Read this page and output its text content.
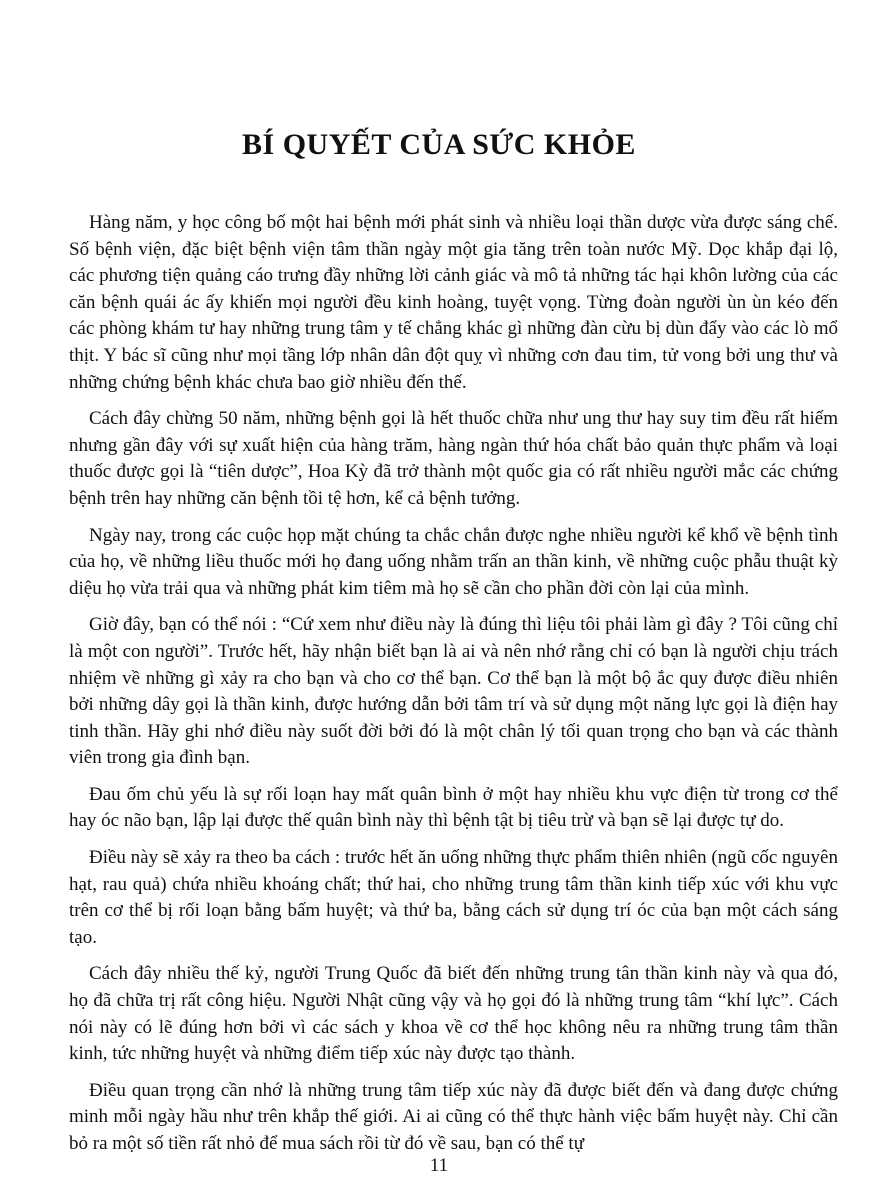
BÍ QUYẾT CỦA SỨC KHỎE

Hàng năm, y học công bố một hai bệnh mới phát sinh và nhiều loại thần dược vừa được sáng chế. Số bệnh viện, đặc biệt bệnh viện tâm thần ngày một gia tăng trên toàn nước Mỹ. Dọc khắp đại lộ, các phương tiện quảng cáo trưng đầy những lời cảnh giác và mô tả những tác hại khôn lường của các căn bệnh quái ác ấy khiến mọi người đều kinh hoàng, tuyệt vọng. Từng đoàn người ùn ùn kéo đến các phòng khám tư hay những trung tâm y tế chẳng khác gì những đàn cừu bị dùn đẩy vào các lò mổ thịt. Y bác sĩ cũng như mọi tầng lớp nhân dân đột quỵ vì những cơn đau tim, tử vong bởi ung thư và những chứng bệnh khác chưa bao giờ nhiều đến thế.

Cách đây chừng 50 năm, những bệnh gọi là hết thuốc chữa như ung thư hay suy tim đều rất hiếm nhưng gần đây với sự xuất hiện của hàng trăm, hàng ngàn thứ hóa chất bảo quản thực phẩm và loại thuốc được gọi là “tiên dược”, Hoa Kỳ đã trở thành một quốc gia có rất nhiều người mắc các chứng bệnh trên hay những căn bệnh tồi tệ hơn, kể cả bệnh tưởng.

Ngày nay, trong các cuộc họp mặt chúng ta chắc chắn được nghe nhiều người kể khổ về bệnh tình của họ, về những liều thuốc mới họ đang uống nhằm trấn an thần kinh, về những cuộc phẫu thuật kỳ diệu họ vừa trải qua và những phát kim tiêm mà họ sẽ cần cho phần đời còn lại của mình.

Giờ đây, bạn có thể nói : “Cứ xem như điều này là đúng thì liệu tôi phải làm gì đây ? Tôi cũng chỉ là một con người”. Trước hết, hãy nhận biết bạn là ai và nên nhớ rằng chỉ có bạn là người chịu trách nhiệm về những gì xảy ra cho bạn và cho cơ thể bạn. Cơ thể bạn là một bộ ắc quy được điều nhiên bởi những dây gọi là thần kinh, được hướng dẫn bởi tâm trí và sử dụng một năng lực gọi là điện hay tinh thần. Hãy ghi nhớ điều này suốt đời bởi đó là một chân lý tối quan trọng cho bạn và các thành viên trong gia đình bạn.

Đau ốm chủ yếu là sự rối loạn hay mất quân bình ở một hay nhiều khu vực điện từ trong cơ thể hay óc não bạn, lập lại được thế quân bình này thì bệnh tật bị tiêu trừ và bạn sẽ lại được tự do.

Điều này sẽ xảy ra theo ba cách : trước hết ăn uống những thực phẩm thiên nhiên (ngũ cốc nguyên hạt, rau quả) chứa nhiều khoáng chất; thứ hai, cho những trung tâm thần kinh tiếp xúc với khu vực trên cơ thể bị rối loạn bằng bấm huyệt; và thứ ba, bằng cách sử dụng trí óc của bạn một cách sáng tạo.

Cách đây nhiều thế kỷ, người Trung Quốc đã biết đến những trung tân thần kinh này và qua đó, họ đã chữa trị rất công hiệu. Người Nhật cũng vậy và họ gọi đó là những trung tâm “khí lực”. Cách nói này có lẽ đúng hơn bởi vì các sách y khoa về cơ thể học không nêu ra những trung tâm thần kinh, tức những huyệt và những điểm tiếp xúc này được tạo thành.

Điều quan trọng cần nhớ là những trung tâm tiếp xúc này đã được biết đến và đang được chứng minh mỗi ngày hầu như trên khắp thế giới. Ai ai cũng có thể thực hành việc bấm huyệt này. Chỉ cần bỏ ra một số tiền rất nhỏ để mua sách rồi từ đó về sau, bạn có thể tự

11
